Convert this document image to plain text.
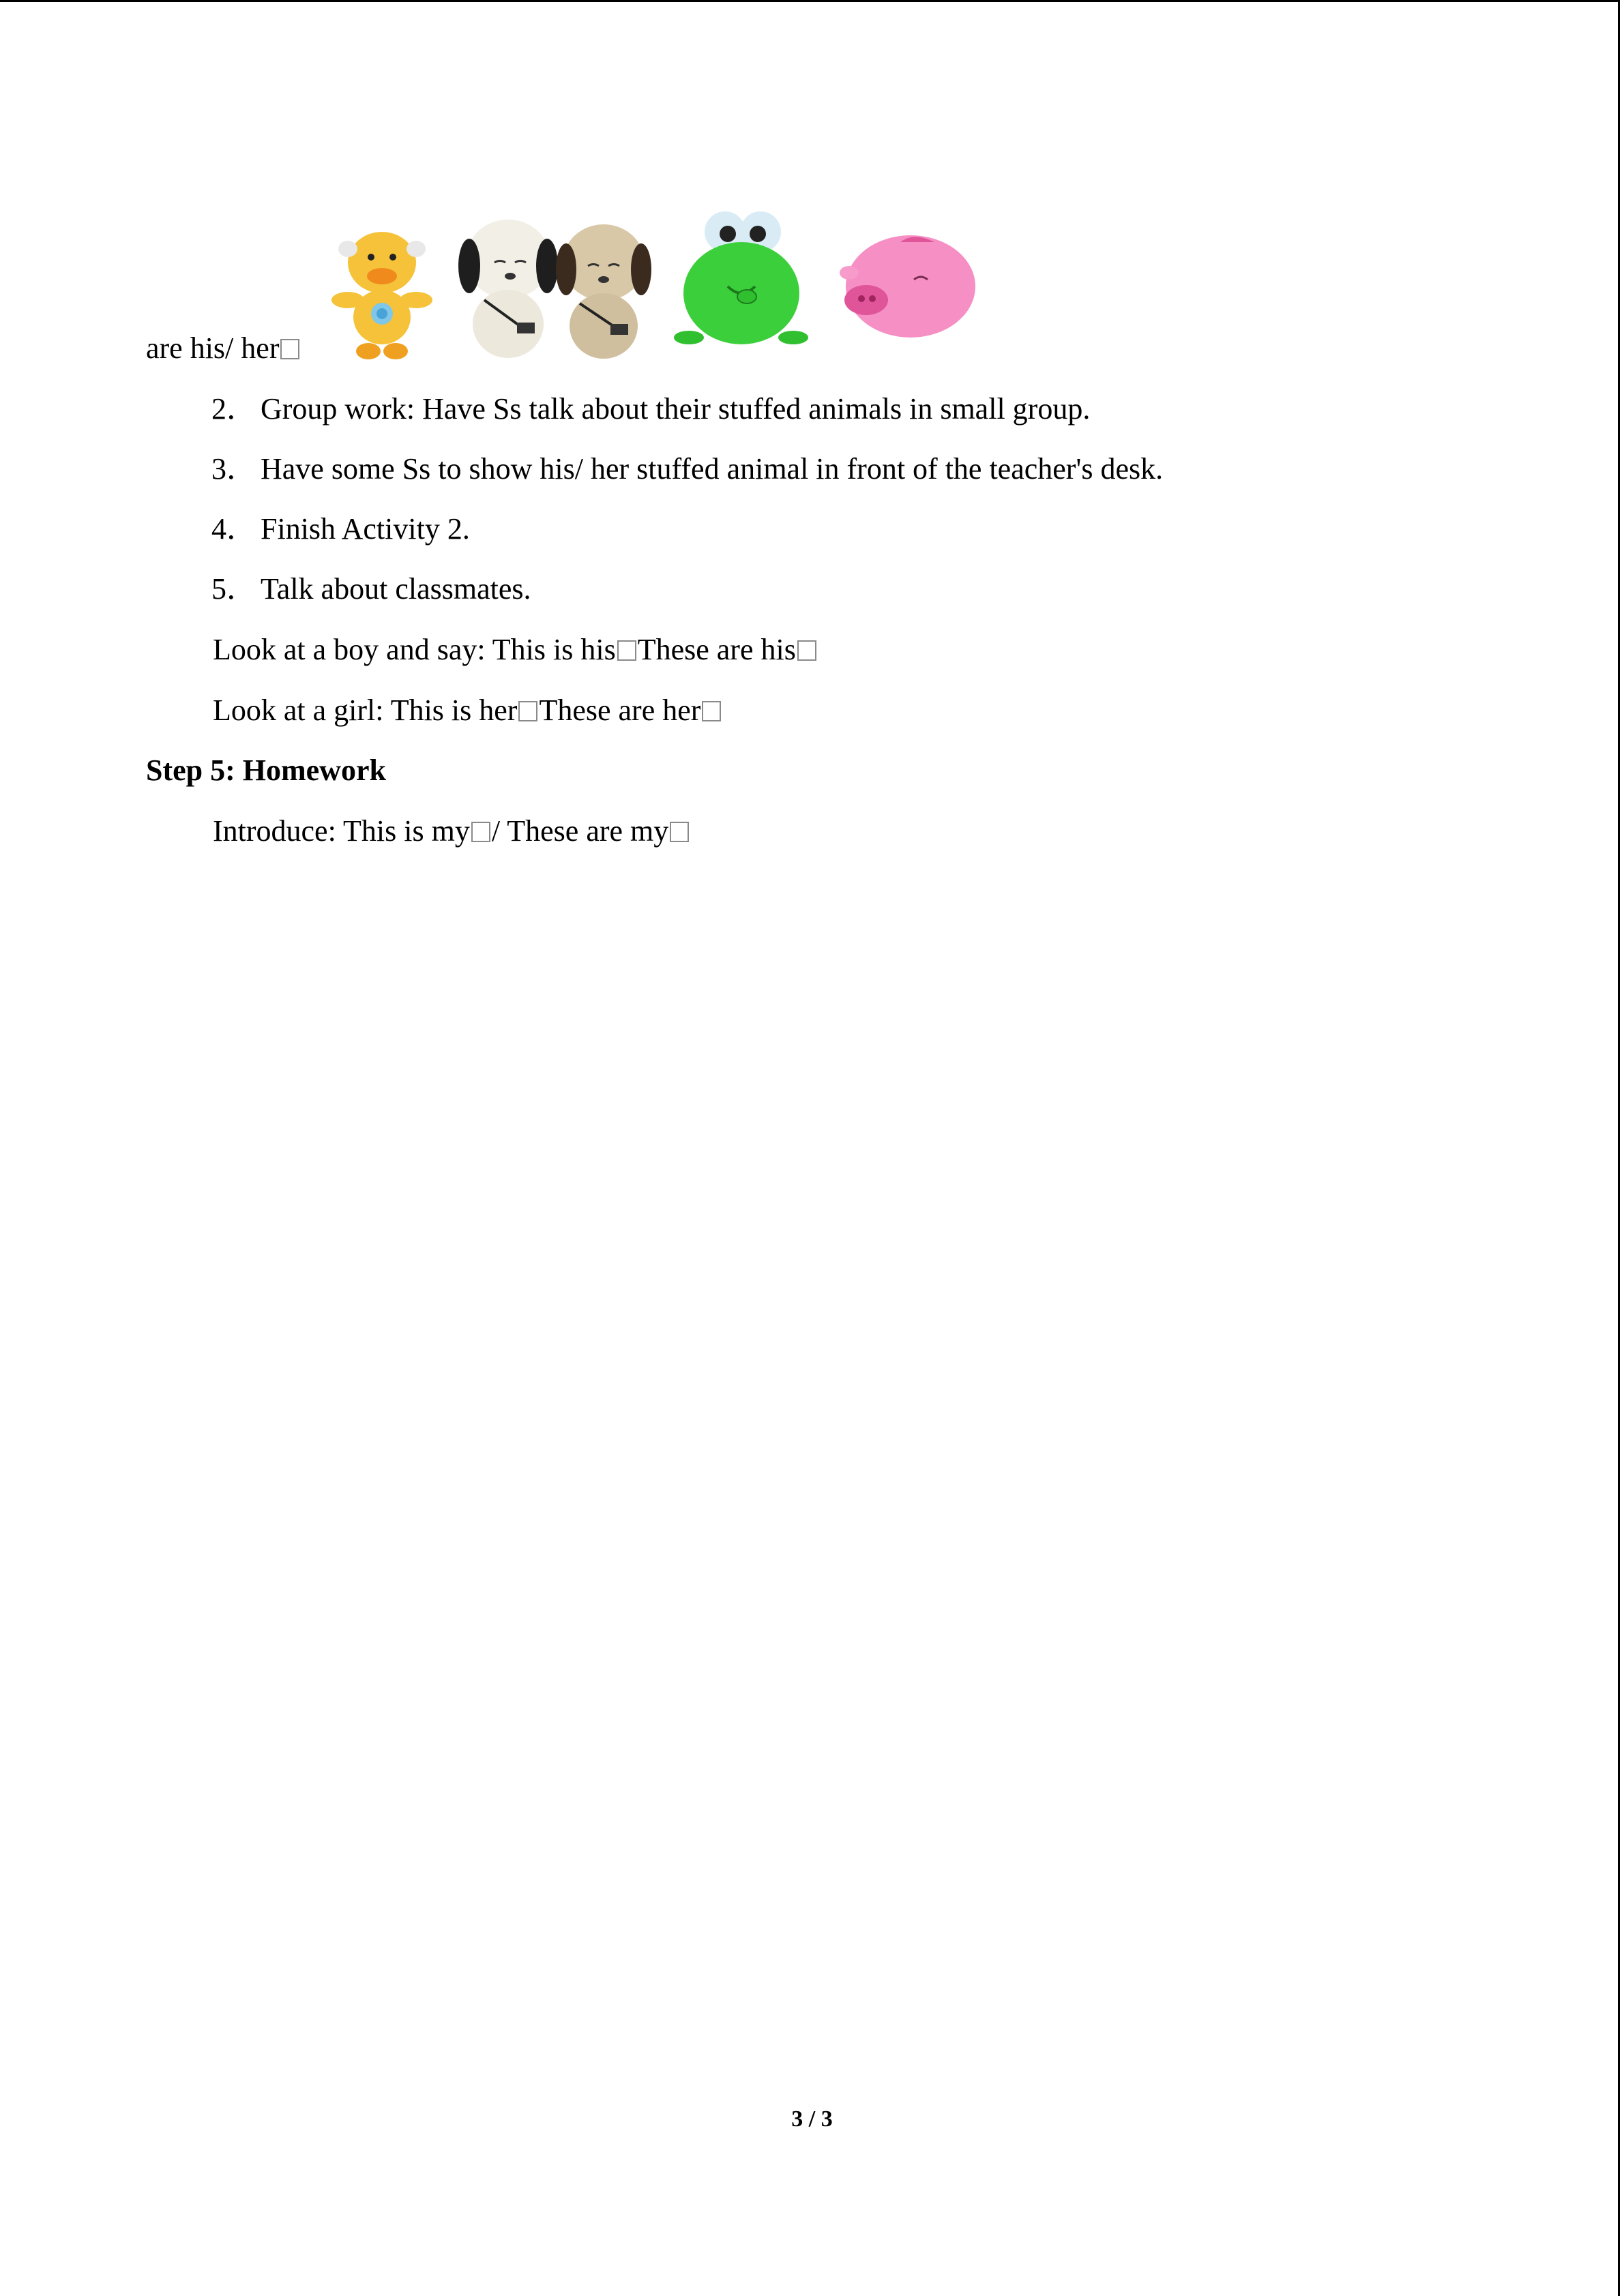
are his/ her
2． Group work: Have Ss talk about their stuffed animals in small group.
3． Have some Ss to show his/ her stuffed animal in front of the teacher's desk.
4． Finish Activity 2.
5． Talk about classmates.
Look at a boy and say: This is his These are his
Look at a girl: This is her These are her
Step 5: Homework
Introduce: This is my / These are my
3 / 3
